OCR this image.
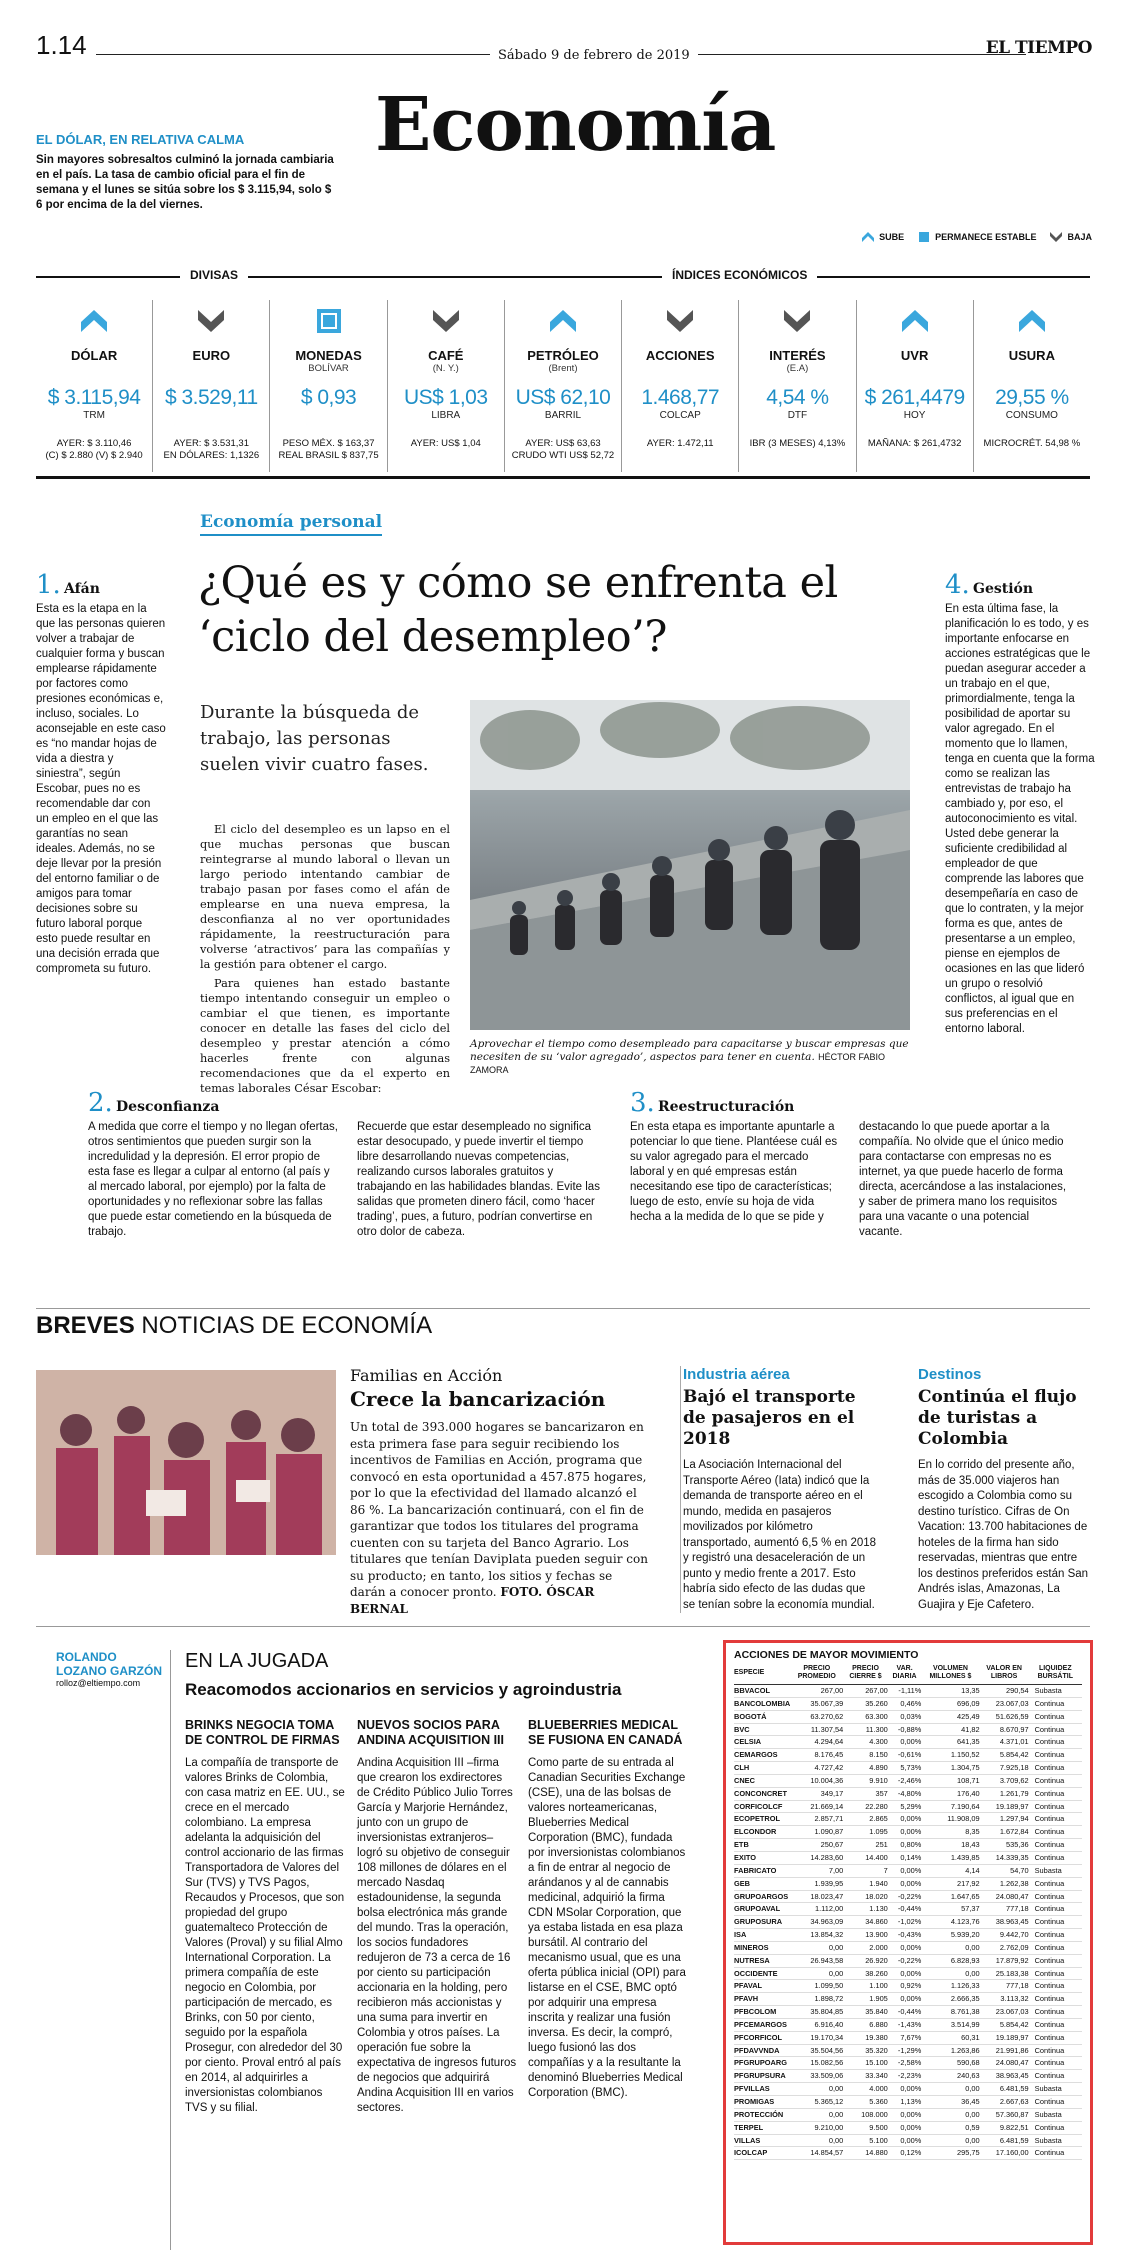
1.14	Sábado 9 de febrero de 2019	EL TIEMPO
Economía
EL DÓLAR, EN RELATIVA CALMA
Sin mayores sobresaltos culminó la jornada cambiaria en el país. La tasa de cambio oficial para el fin de semana y el lunes se sitúa sobre los $ 3.115,94, solo $ 6 por encima de la del viernes.
SUBE	PERMANECE ESTABLE	BAJA
DIVISAS	ÍNDICES ECONÓMICOS
DÓLAR
$ 3.115,94
TRM
AYER: $ 3.110,46
(C) $ 2.880 (V) $ 2.940
EURO
$ 3.529,11
AYER: $ 3.531,31
EN DÓLARES: 1,1326
MONEDAS
BOLÍVAR
$ 0,93
PESO MÉX. $ 163,37
REAL BRASIL $ 837,75
CAFÉ
(N. Y.)
US$ 1,03
LIBRA
AYER: US$ 1,04
PETRÓLEO
(Brent)
US$ 62,10
BARRIL
AYER: US$ 63,63
CRUDO WTI US$ 52,72
ACCIONES
1.468,77
COLCAP
AYER: 1.472,11
INTERÉS
(E.A)
4,54 %
DTF
IBR (3 MESES) 4,13%
UVR
$ 261,4479
HOY
MAÑANA: $ 261,4732
USURA
29,55 %
CONSUMO
MICROCRÉT. 54,98 %
Economía personal
¿Qué es y cómo se enfrenta el ‘ciclo del desempleo’?
Durante la búsqueda de trabajo, las personas suelen vivir cuatro fases.

El ciclo del desempleo es un lapso en el que muchas personas que buscan reintegrarse al mundo laboral o llevan un largo periodo intentando cambiar de trabajo pasan por fases como el afán de emplearse en una nueva empresa, la desconfianza al no ver oportunidades rápidamente, la reestructuración para volverse ‘atractivos’ para las compañías y la gestión para obtener el cargo.

Para quienes han estado bastante tiempo intentando conseguir un empleo o cambiar el que tienen, es importante conocer en detalle las fases del ciclo del desempleo y prestar atención a cómo hacerles frente con algunas recomendaciones que da el experto en temas laborales César Escobar:

Aprovechar el tiempo como desempleado para capacitarse y buscar empresas que necesiten de su ‘valor agregado’, aspectos para tener en cuenta. HÉCTOR FABIO ZAMORA
1. Afán
Esta es la etapa en la que las personas quieren volver a trabajar de cualquier forma y buscan emplearse rápidamente por factores como presiones económicas e, incluso, sociales. Lo aconsejable en este caso es “no mandar hojas de vida a diestra y siniestra”, según Escobar, pues no es recomendable dar con un empleo en el que las garantías no sean ideales. Además, no se deje llevar por la presión del entorno familiar o de amigos para tomar decisiones sobre su futuro laboral porque esto puede resultar en una decisión errada que comprometa su futuro.
4. Gestión
En esta última fase, la planificación lo es todo, y es importante enfocarse en acciones estratégicas que le puedan asegurar acceder a un trabajo en el que, primordialmente, tenga la posibilidad de aportar su valor agregado. En el momento que lo llamen, tenga en cuenta que la forma como se realizan las entrevistas de trabajo ha cambiado y, por eso, el autoconocimiento es vital. Usted debe generar la suficiente credibilidad al empleador de que comprende las labores que desempeñaría en caso de que lo contraten, y la mejor forma es que, antes de presentarse a un empleo, piense en ejemplos de ocasiones en las que lideró un grupo o resolvió conflictos, al igual que en sus preferencias en el entorno laboral.
2. Desconfianza
A medida que corre el tiempo y no llegan ofertas, otros sentimientos que pueden surgir son la incredulidad y la depresión. El error propio de esta fase es llegar a culpar al entorno (al país y al mercado laboral, por ejemplo) por la falta de oportunidades y no reflexionar sobre las fallas que puede estar cometiendo en la búsqueda de trabajo.
Recuerde que estar desempleado no significa estar desocupado, y puede invertir el tiempo libre desarrollando nuevas competencias, realizando cursos laborales gratuitos y trabajando en las habilidades blandas. Evite las salidas que prometen dinero fácil, como ‘hacer trading’, pues, a futuro, podrían convertirse en otro dolor de cabeza.
3. Reestructuración
En esta etapa es importante apuntarle a potenciar lo que tiene. Plantéese cuál es su valor agregado para el mercado laboral y en qué empresas están necesitando ese tipo de características; luego de esto, envíe su hoja de vida hecha a la medida de lo que se pide y
destacando lo que puede aportar a la compañía. No olvide que el único medio para contactarse con empresas no es internet, ya que puede hacerlo de forma directa, acercándose a las instalaciones, y saber de primera mano los requisitos para una vacante o una potencial vacante.
BREVES NOTICIAS DE ECONOMÍA
Familias en Acción
Crece la bancarización
Un total de 393.000 hogares se bancarizaron en esta primera fase para seguir recibiendo los incentivos de Familias en Acción, programa que convocó en esta oportunidad a 457.875 hogares, por lo que la efectividad del llamado alcanzó el 86 %. La bancarización continuará, con el fin de garantizar que todos los titulares del programa cuenten con su tarjeta del Banco Agrario. Los titulares que tenían Daviplata pueden seguir con su producto; en tanto, los sitios y fechas se darán a conocer pronto. FOTO. ÓSCAR BERNAL
Industria aérea
Bajó el transporte de pasajeros en el 2018
La Asociación Internacional del Transporte Aéreo (Iata) indicó que la demanda de transporte aéreo en el mundo, medida en pasajeros movilizados por kilómetro transportado, aumentó 6,5 % en 2018 y registró una desaceleración de un punto y medio frente a 2017. Esto habría sido efecto de las dudas que se tenían sobre la economía mundial.
Destinos
Continúa el flujo de turistas a Colombia
En lo corrido del presente año, más de 35.000 viajeros han escogido a Colombia como su destino turístico. Cifras de On Vacation: 13.700 habitaciones de hoteles de la firma han sido reservadas, mientras que entre los destinos preferidos están San Andrés islas, Amazonas, La Guajira y Eje Cafetero.
ROLANDO LOZANO GARZÓN
rolloz@eltiempo.com
EN LA JUGADA
Reacomodos accionarios en servicios y agroindustria
BRINKS NEGOCIA TOMA DE CONTROL DE FIRMAS
La compañía de transporte de valores Brinks de Colombia, con casa matriz en EE. UU., se crece en el mercado colombiano. La empresa adelanta la adquisición del control accionario de las firmas Transportadora de Valores del Sur (TVS) y TVS Pagos, Recaudos y Procesos, que son propiedad del grupo guatemalteco Protección de Valores (Proval) y su filial Almo International Corporation. La primera compañía de este negocio en Colombia, por participación de mercado, es Brinks, con 50 por ciento, seguido por la española Prosegur, con alrededor del 30 por ciento. Proval entró al país en 2014, al adquirirles a inversionistas colombianos TVS y su filial.
NUEVOS SOCIOS PARA ANDINA ACQUISITION III
Andina Acquisition III –firma que crearon los exdirectores de Crédito Público Julio Torres García y Marjorie Hernández, junto con un grupo de inversionistas extranjeros– logró su objetivo de conseguir 108 millones de dólares en el mercado Nasdaq estadounidense, la segunda bolsa electrónica más grande del mundo. Tras la operación, los socios fundadores redujeron de 73 a cerca de 16 por ciento su participación accionaria en la holding, pero recibieron más accionistas y una suma para invertir en Colombia y otros países. La operación fue sobre la expectativa de ingresos futuros de negocios que adquirirá Andina Acquisition III en varios sectores.
BLUEBERRIES MEDICAL SE FUSIONA EN CANADÁ
Como parte de su entrada al Canadian Securities Exchange (CSE), una de las bolsas de valores norteamericanas, Blueberries Medical Corporation (BMC), fundada por inversionistas colombianos a fin de entrar al negocio de arándanos y al de cannabis medicinal, adquirió la firma CDN MSolar Corporation, que ya estaba listada en esa plaza bursátil. Al contrario del mecanismo usual, que es una oferta pública inicial (OPI) para listarse en el CSE, BMC optó por adquirir una empresa inscrita y realizar una fusión inversa. Es decir, la compró, luego fusionó las dos compañías y a la resultante la denominó Blueberries Medical Corporation (BMC).
ACCIONES DE MAYOR MOVIMIENTO
ESPECIE	PRECIO PROMEDIO	PRECIO CIERRE $	VAR. DIARIA	VOLUMEN MILLONES $	VALOR EN LIBROS	LIQUIDEZ BURSÁTIL
BBVACOL	267,00	267,00	-1,11%	13,35	290,54	Subasta
BANCOLOMBIA	35.067,39	35.260	0,46%	696,09	23.067,03	Continua
BOGOTÁ	63.270,62	63.300	0,03%	425,49	51.626,59	Continua
BVC	11.307,54	11.300	-0,88%	41,82	8.670,97	Continua
CELSIA	4.294,64	4.300	0,00%	641,35	4.371,01	Continua
CEMARGOS	8.176,45	8.150	-0,61%	1.150,52	5.854,42	Continua
CLH	4.727,42	4.890	5,73%	1.304,75	7.925,18	Continua
CNEC	10.004,36	9.910	-2,46%	108,71	3.709,62	Continua
CONCONCRET	349,17	357	-4,80%	176,40	1.261,79	Continua
CORFICOLCF	21.669,14	22.280	5,29%	7.190,64	19.189,97	Continua
ECOPETROL	2.857,71	2.865	0,00%	11.908,09	1.297,94	Continua
ELCONDOR	1.090,87	1.095	0,00%	8,35	1.672,84	Continua
ETB	250,67	251	0,80%	18,43	535,36	Continua
EXITO	14.283,60	14.400	0,14%	1.439,85	14.339,35	Continua
FABRICATO	7,00	7	0,00%	4,14	54,70	Subasta
GEB	1.939,95	1.940	0,00%	217,92	1.262,38	Continua
GRUPOARGOS	18.023,47	18.020	-0,22%	1.647,65	24.080,47	Continua
GRUPOAVAL	1.112,00	1.130	-0,44%	57,37	777,18	Continua
GRUPOSURA	34.963,09	34.860	-1,02%	4.123,76	38.963,45	Continua
ISA	13.854,32	13.900	-0,43%	5.939,20	9.442,70	Continua
MINEROS	0,00	2.000	0,00%	0,00	2.762,09	Continua
NUTRESA	26.943,58	26.920	-0,22%	6.828,93	17.879,92	Continua
OCCIDENTE	0,00	38.260	0,00%	0,00	25.183,38	Continua
PFAVAL	1.099,50	1.100	0,92%	1.126,33	777,18	Continua
PFAVH	1.898,72	1.905	0,00%	2.666,35	3.113,32	Continua
PFBCOLOM	35.804,85	35.840	-0,44%	8.761,38	23.067,03	Continua
PFCEMARGOS	6.916,40	6.880	-1,43%	3.514,99	5.854,42	Continua
PFCORFICOL	19.170,34	19.380	7,67%	60,31	19.189,97	Continua
PFDAVVNDA	35.504,56	35.320	-1,29%	1.263,86	21.991,86	Continua
PFGRUPOARG	15.082,56	15.100	-2,58%	590,68	24.080,47	Continua
PFGRUPSURA	33.509,06	33.340	-2,23%	240,63	38.963,45	Continua
PFVILLAS	0,00	4.000	0,00%	0,00	6.481,59	Subasta
PROMIGAS	5.365,12	5.360	1,13%	36,45	2.667,63	Continua
PROTECCIÓN	0,00	108.000	0,00%	0,00	57.360,87	Subasta
TERPEL	9.210,00	9.500	0,00%	0,59	9.822,51	Continua
VILLAS	0,00	5.100	0,00%	0,00	6.481,59	Subasta
ICOLCAP	14.854,57	14.880	0,12%	295,75	17.160,00	Continua
